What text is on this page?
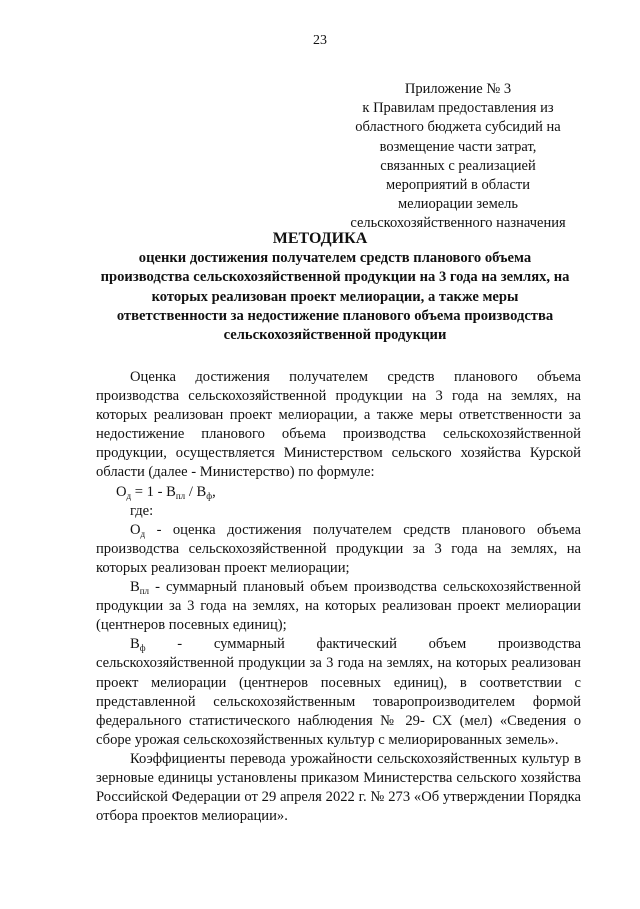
23
Приложение № 3
к Правилам предоставления из
областного бюджета субсидий на
возмещение части затрат,
связанных с реализацией
мероприятий в области
мелиорации земель
сельскохозяйственного назначения
МЕТОДИКА
оценки достижения получателем средств планового объема
производства сельскохозяйственной продукции на 3 года на землях, на
которых реализован проект мелиорации, а также меры
ответственности за недостижение планового объема производства
сельскохозяйственной продукции

Оценка достижения получателем средств планового объема производства сельскохозяйственной продукции на 3 года на землях, на которых реализован проект мелиорации, а также меры ответственности за недостижение планового объема производства сельскохозяйственной продукции, осуществляется Министерством сельского хозяйства Курской области (далее - Министерство) по формуле:

$О_д = 1 - В_{пл} / В_ф$,

где:

$О_д$ - оценка достижения получателем средств планового объема производства сельскохозяйственной продукции за 3 года на землях, на которых реализован проект мелиорации;

$В_{пл}$ - суммарный плановый объем производства сельскохозяйственной продукции за 3 года на землях, на которых реализован проект мелиорации (центнеров посевных единиц);

$В_ф$ - суммарный фактический объем производства сельскохозяйственной продукции за 3 года на землях, на которых реализован проект мелиорации (центнеров посевных единиц), в соответствии с представленной сельскохозяйственным товаропроизводителем формой федерального статистического наблюдения № 29- СХ (мел) «Сведения о сборе урожая сельскохозяйственных культур с мелиорированных земель».

Коэффициенты перевода урожайности сельскохозяйственных культур в зерновые единицы установлены приказом Министерства сельского хозяйства Российской Федерации от 29 апреля 2022 г. № 273 «Об утверждении Порядка отбора проектов мелиорации».
